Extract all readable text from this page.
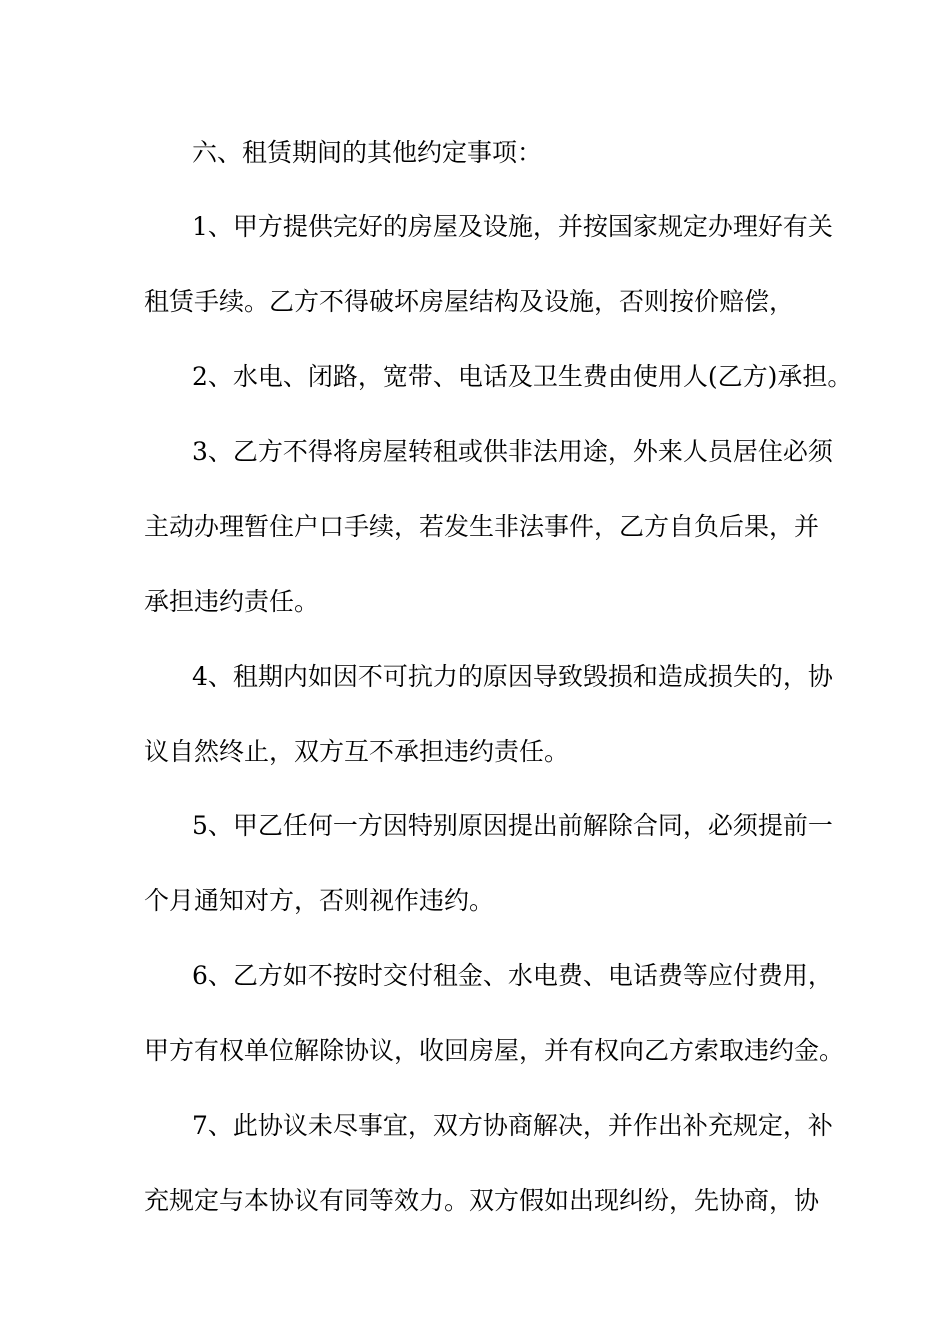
六、租赁期间的其他约定事项：
1、甲方提供完好的房屋及设施，并按国家规定办理好有关
租赁手续。乙方不得破坏房屋结构及设施，否则按价赔偿，
2、水电、闭路，宽带、电话及卫生费由使用人(乙方)承担。
3、乙方不得将房屋转租或供非法用途，外来人员居住必须
主动办理暂住户口手续，若发生非法事件，乙方自负后果，并
承担违约责任。
4、租期内如因不可抗力的原因导致毁损和造成损失的，协
议自然终止，双方互不承担违约责任。
5、甲乙任何一方因特别原因提出前解除合同，必须提前一
个月通知对方，否则视作违约。
6、乙方如不按时交付租金、水电费、电话费等应付费用，
甲方有权单位解除协议，收回房屋，并有权向乙方索取违约金。
7、此协议未尽事宜，双方协商解决，并作出补充规定，补
充规定与本协议有同等效力。双方假如出现纠纷，先协商，协
